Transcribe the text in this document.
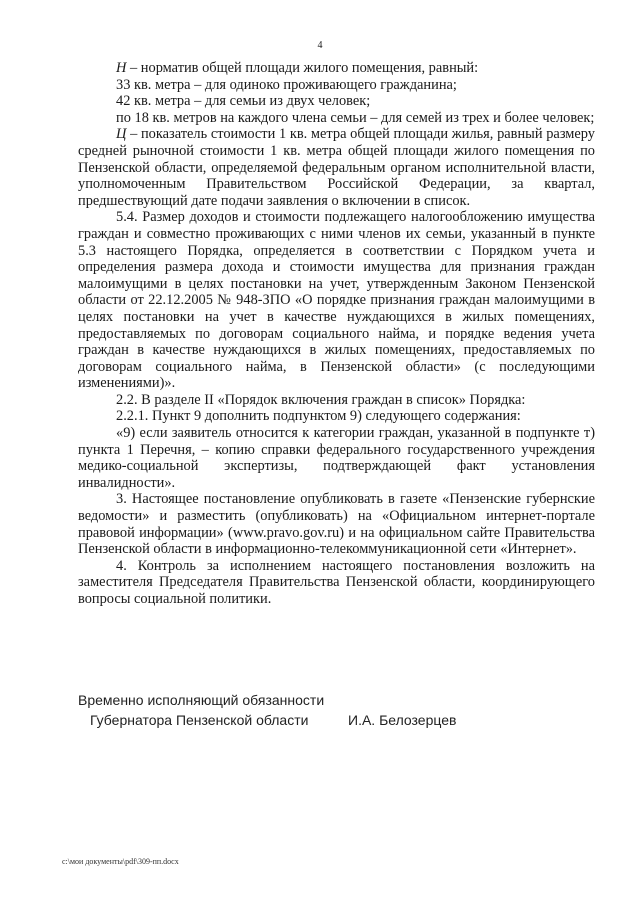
4

Н – норматив общей площади жилого помещения, равный:

33 кв. метра – для одиноко проживающего гражданина;

42 кв. метра – для семьи из двух человек;

по 18 кв. метров на каждого члена семьи – для семей из трех и более человек;

Ц – показатель стоимости 1 кв. метра общей площади жилья, равный размеру средней рыночной стоимости 1 кв. метра общей площади жилого помещения по Пензенской области, определяемой федеральным органом исполнительной власти, уполномоченным Правительством Российской Федерации, за квартал, предшествующий дате подачи заявления о включении в список.

5.4. Размер доходов и стоимости подлежащего налогообложению имущества граждан и совместно проживающих с ними членов их семьи, указанный в пункте 5.3 настоящего Порядка, определяется в соответствии с Порядком учета и определения размера дохода и стоимости имущества для признания граждан малоимущими в целях постановки на учет, утвержденным Законом Пензенской области от 22.12.2005 № 948-ЗПО «О порядке признания граждан малоимущими в целях постановки на учет в качестве нуждающихся в жилых помещениях, предоставляемых по договорам социального найма, и порядке ведения учета граждан в качестве нуждающихся в жилых помещениях, предоставляемых по договорам социального найма, в Пензенской области» (с последующими изменениями)».

2.2. В разделе II «Порядок включения граждан в список» Порядка:

2.2.1. Пункт 9 дополнить подпунктом 9) следующего содержания:

«9) если заявитель относится к категории граждан, указанной в подпункте т) пункта 1 Перечня, – копию справки федерального государственного учреждения медико-социальной экспертизы, подтверждающей факт установления инвалидности».

3. Настоящее постановление опубликовать в газете «Пензенские губернские ведомости» и разместить (опубликовать) на «Официальном интернет-портале правовой информации» (www.pravo.gov.ru) и на официальном сайте Правительства Пензенской области в информационно-телекоммуникационной сети «Интернет».

4. Контроль за исполнением настоящего постановления возложить на заместителя Председателя Правительства Пензенской области, координирующего вопросы социальной политики.

Временно исполняющий обязанности
Губернатора Пензенской области	И.А. Белозерцев
c:\мои документы\pdf\309-пп.docx
